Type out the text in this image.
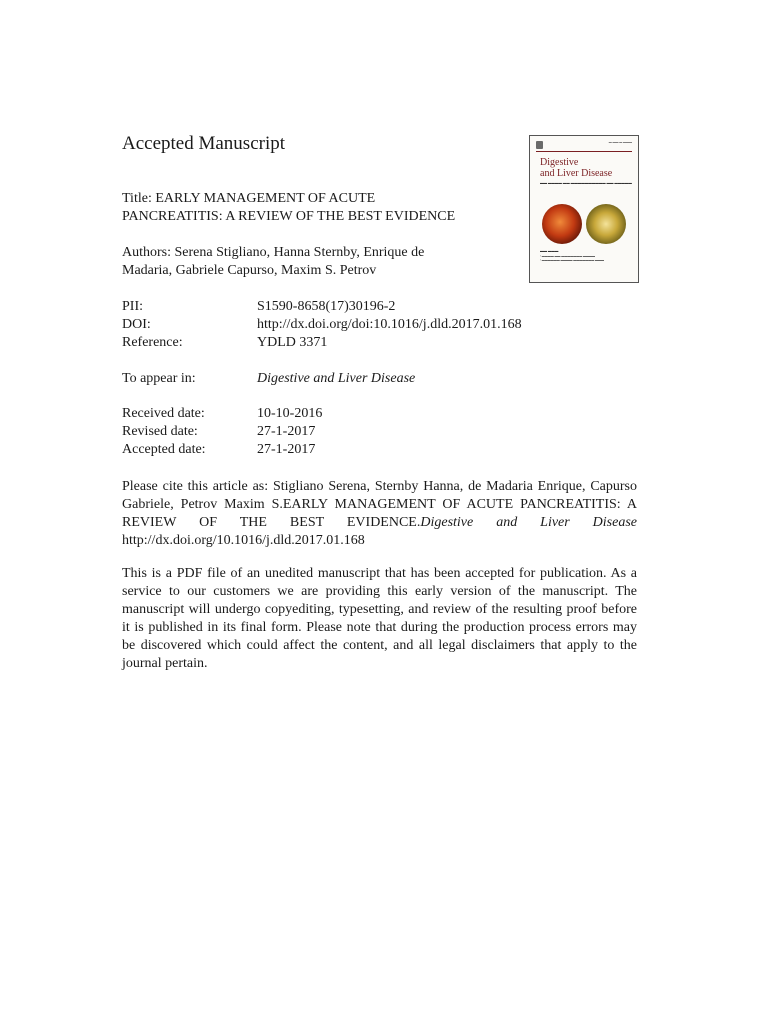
Accepted Manuscript
Title: EARLY MANAGEMENT OF ACUTE
PANCREATITIS: A REVIEW OF THE BEST EVIDENCE
Authors: Serena Stigliano, Hanna Sternby, Enrique de
Madaria, Gabriele Capurso, Maxim S. Petrov
PII:	S1590-8658(17)30196-2
DOI:	http://dx.doi.org/doi:10.1016/j.dld.2017.01.168
Reference:	YDLD 3371
To appear in:	Digestive and Liver Disease
Received date:	10-10-2016
Revised date:	27-1-2017
Accepted date:	27-1-2017
Please cite this article as: Stigliano Serena, Sternby Hanna, de Madaria Enrique, Capurso Gabriele, Petrov Maxim S.EARLY MANAGEMENT OF ACUTE PANCREATITIS: A REVIEW OF THE BEST EVIDENCE.Digestive and Liver Disease http://dx.doi.org/10.1016/j.dld.2017.01.168
This is a PDF file of an unedited manuscript that has been accepted for publication. As a service to our customers we are providing this early version of the manuscript. The manuscript will undergo copyediting, typesetting, and review of the resulting proof before it is published in its final form. Please note that during the production process errors may be discovered which could affect the content, and all legal disclaimers that apply to the journal pertain.
▬ ▬▬ ▬ ▬▬▬
Digestive
and Liver Disease
▬▬ ▬▬▬▬ ▬▬ ▬▬▬▬▬▬▬▬▬▬ ▬▬ ▬▬▬▬▬
▬▬ ▬▬▬
• ▬▬▬▬ ▬▬ ▬▬▬▬▬▬▬ ▬▬▬▬
• ▬▬▬▬▬▬ ▬▬▬▬ ▬▬▬▬▬▬▬ ▬▬▬
